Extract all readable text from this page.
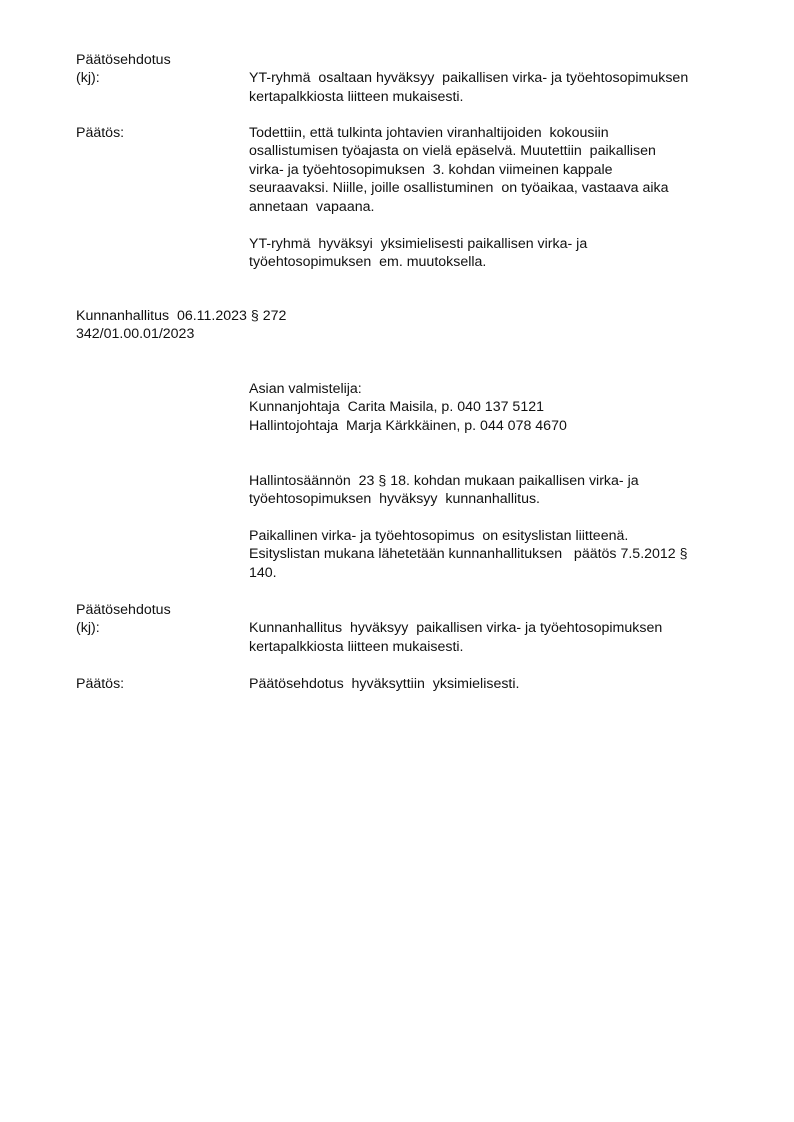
Päätösehdotus
(kj):	YT-ryhmä  osaltaan hyväksyy  paikallisen virka- ja työehtosopimuksen
kertapalkkiosta liitteen mukaisesti.
Päätös:	Todettiin, että tulkinta johtavien viranhaltijoiden  kokousiin
osallistumisen työajasta on vielä epäselvä. Muutettiin  paikallisen
virka- ja työehtosopimuksen  3. kohdan viimeinen kappale
seuraavaksi. Niille, joille osallistuminen  on työaikaa, vastaava aika
annetaan  vapaana.
YT-ryhmä  hyväksyi  yksimielisesti paikallisen virka- ja
työehtosopimuksen  em. muutoksella.
Kunnanhallitus  06.11.2023 § 272
342/01.00.01/2023
Asian valmistelija:
Kunnanjohtaja  Carita Maisila, p. 040 137 5121
Hallintojohtaja  Marja Kärkkäinen, p. 044 078 4670
Hallintosäännön  23 § 18. kohdan mukaan paikallisen virka- ja
työehtosopimuksen  hyväksyy  kunnanhallitus.
Paikallinen virka- ja työehtosopimus  on esityslistan liitteenä.
Esityslistan mukana lähetetään kunnanhallituksen   päätös 7.5.2012 §
140.
Päätösehdotus
(kj):	Kunnanhallitus  hyväksyy  paikallisen virka- ja työehtosopimuksen
kertapalkkiosta liitteen mukaisesti.
Päätös:	Päätösehdotus  hyväksyttiin  yksimielisesti.
